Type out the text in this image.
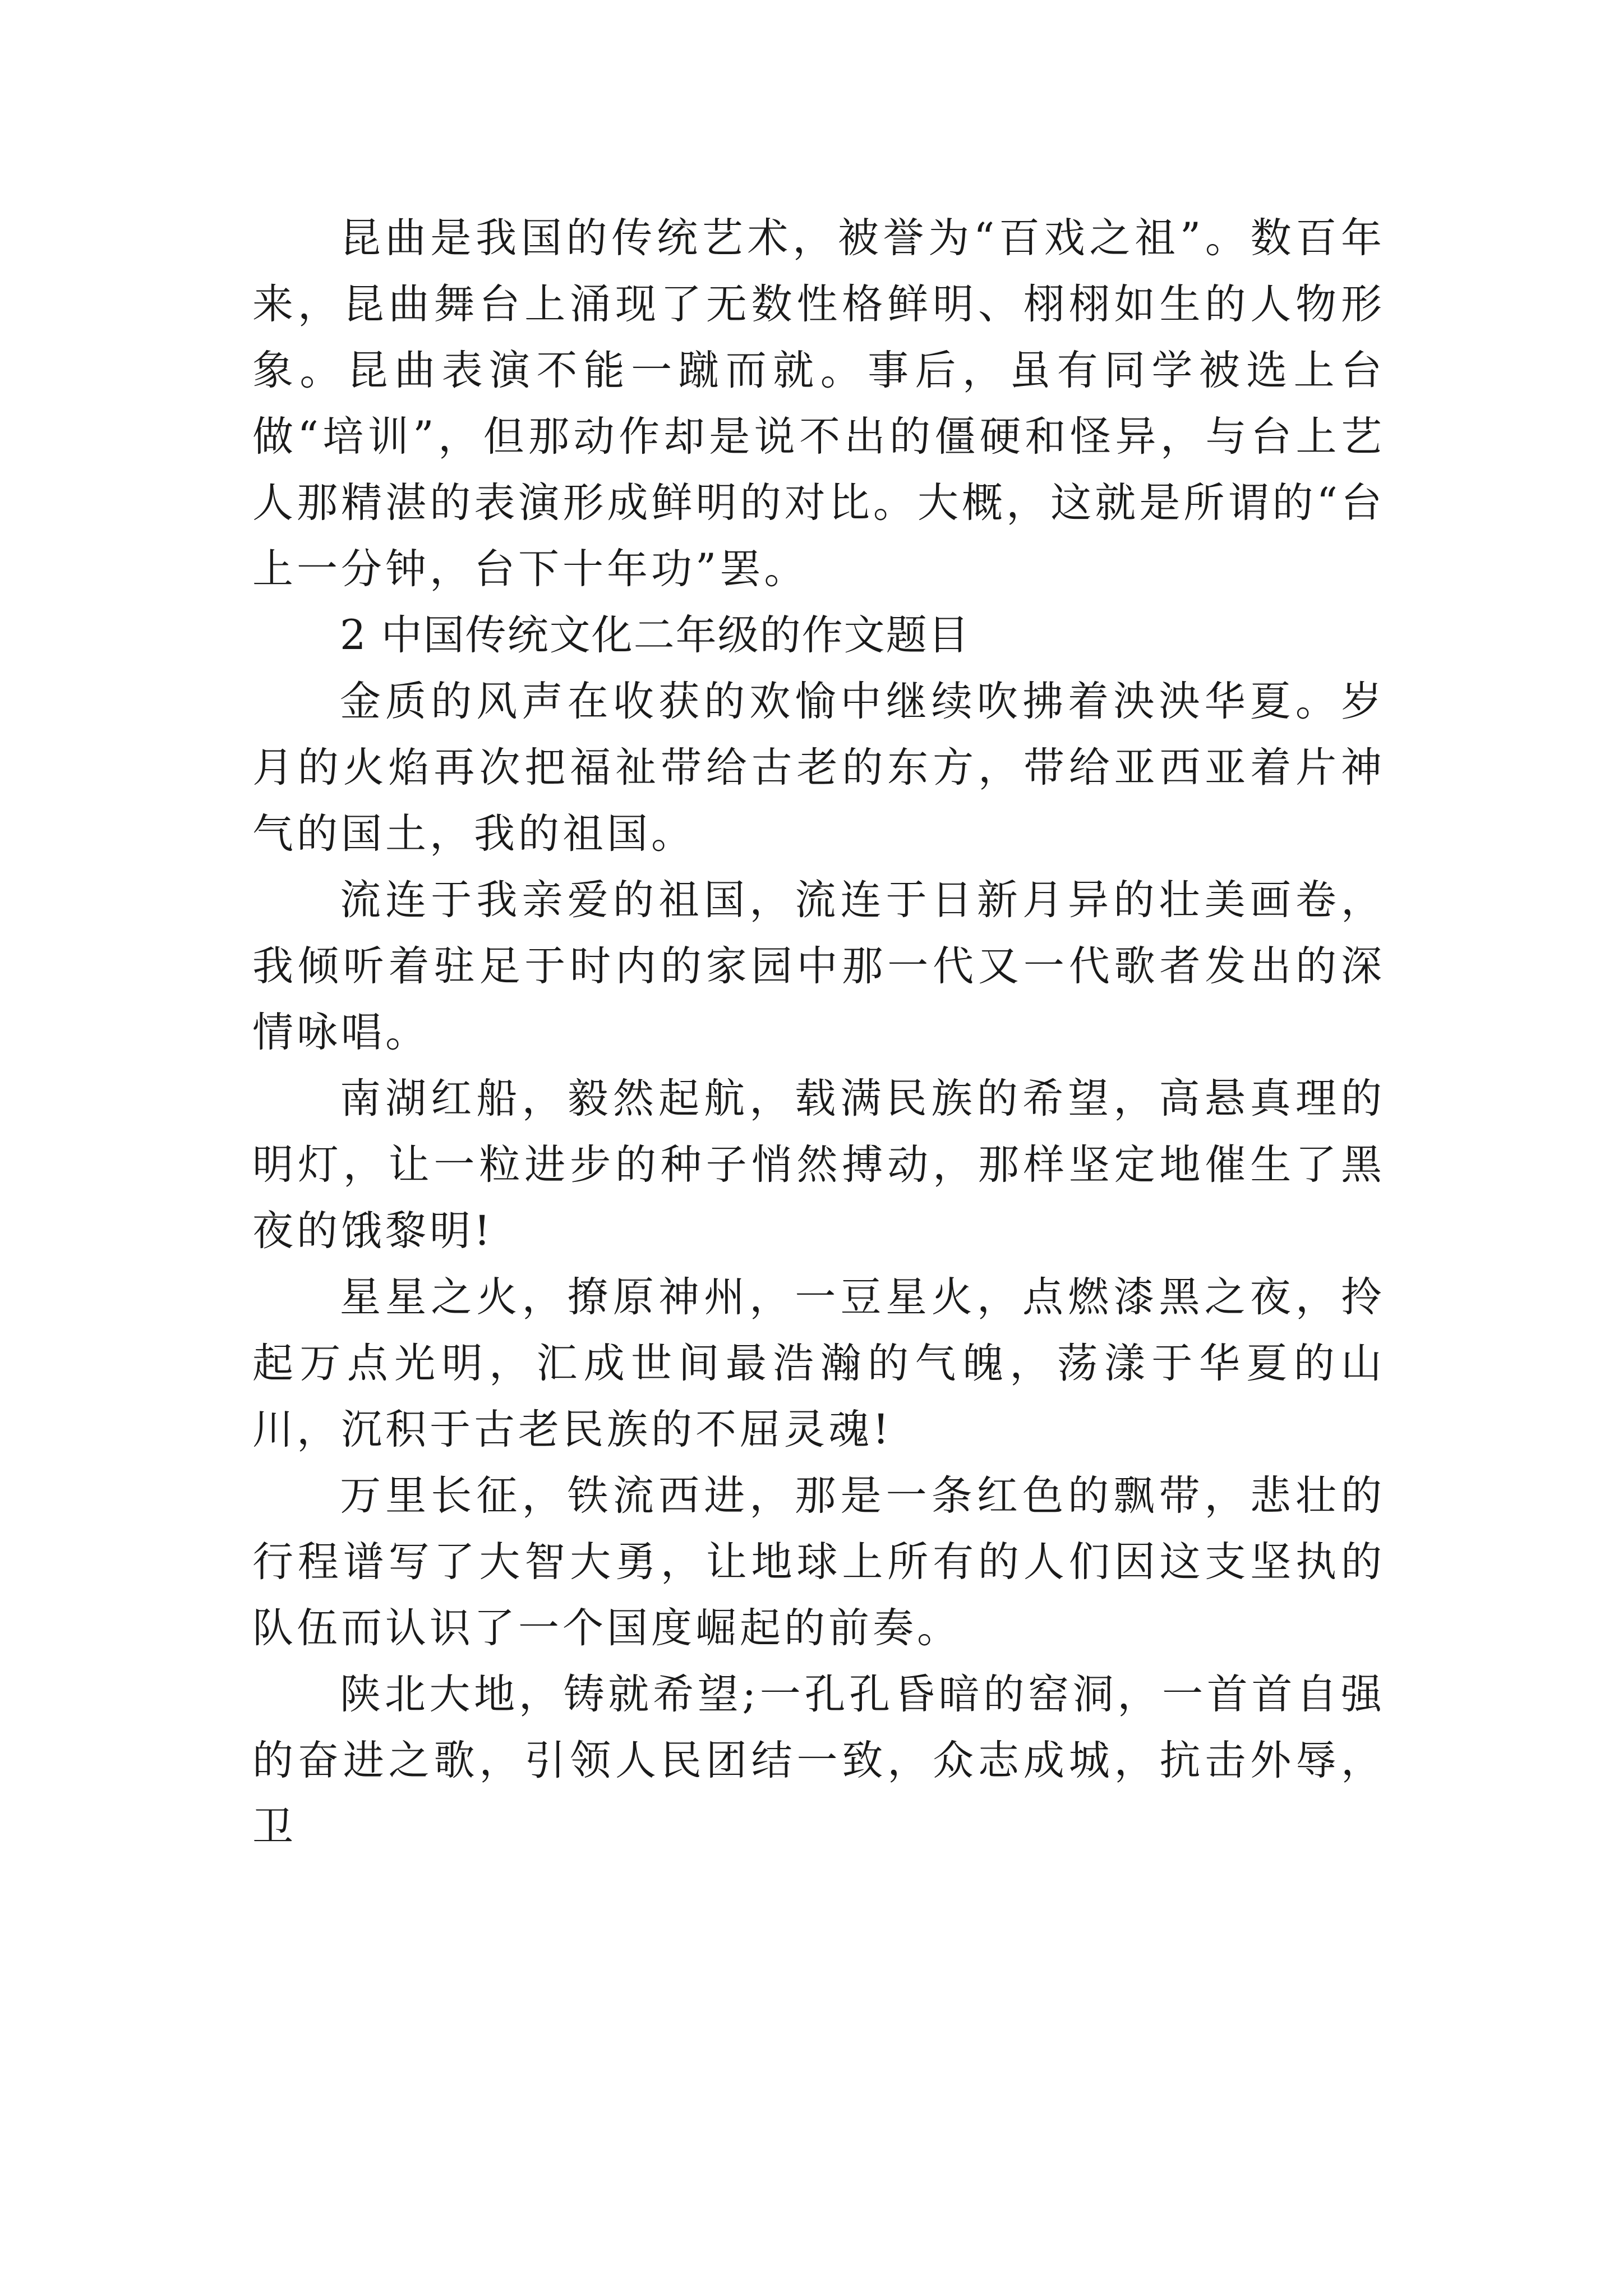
昆曲是我国的传统艺术，被誉为“百戏之祖”。数百年来，昆曲舞台上涌现了无数性格鲜明、栩栩如生的人物形象。昆曲表演不能一蹴而就。事后，虽有同学被选上台做“培训”，但那动作却是说不出的僵硬和怪异，与台上艺人那精湛的表演形成鲜明的对比。大概，这就是所谓的“台上一分钟，台下十年功”罢。

2 中国传统文化二年级的作文题目

金质的风声在收获的欢愉中继续吹拂着泱泱华夏。岁月的火焰再次把福祉带给古老的东方，带给亚西亚着片神气的国土，我的祖国。

流连于我亲爱的祖国，流连于日新月异的壮美画卷，我倾听着驻足于时内的家园中那一代又一代歌者发出的深情咏唱。

南湖红船，毅然起航，载满民族的希望，高悬真理的明灯，让一粒进步的种子悄然搏动，那样坚定地催生了黑夜的饿黎明!

星星之火，撩原神州，一豆星火，点燃漆黑之夜，拎起万点光明，汇成世间最浩瀚的气魄，荡漾于华夏的山川，沉积于古老民族的不屈灵魂!

万里长征，铁流西进，那是一条红色的飘带，悲壮的行程谱写了大智大勇，让地球上所有的人们因这支坚执的队伍而认识了一个国度崛起的前奏。

陕北大地，铸就希望;一孔孔昏暗的窑洞，一首首自强的奋进之歌，引领人民团结一致，众志成城，抗击外辱，卫
